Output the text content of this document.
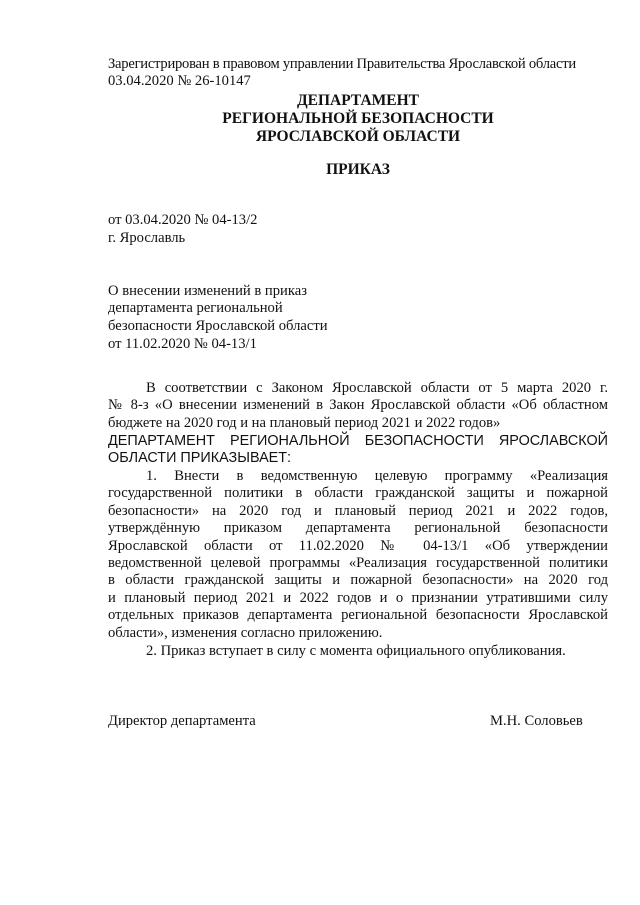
Зарегистрирован в правовом управлении Правительства Ярославской области
03.04.2020 № 26-10147
ДЕПАРТАМЕНТ
РЕГИОНАЛЬНОЙ БЕЗОПАСНОСТИ
ЯРОСЛАВСКОЙ ОБЛАСТИ
ПРИКАЗ
от 03.04.2020 № 04-13/2
г. Ярославль
О внесении изменений в приказ
департамента региональной
безопасности Ярославской области
от 11.02.2020 № 04-13/1
В соответствии с Законом Ярославской области от 5 марта 2020 г.
№ 8-з «О внесении изменений в Закон Ярославской области «Об областном
бюджете на 2020 год и на плановый период 2021 и 2022 годов»
ДЕПАРТАМЕНТ РЕГИОНАЛЬНОЙ БЕЗОПАСНОСТИ ЯРОСЛАВСКОЙ
ОБЛАСТИ ПРИКАЗЫВАЕТ:
1. Внести в ведомственную целевую программу «Реализация
государственной политики в области гражданской защиты и пожарной
безопасности» на 2020 год и плановый период 2021 и 2022 годов,
утверждённую приказом департамента региональной безопасности
Ярославской области от 11.02.2020 № 04-13/1 «Об утверждении
ведомственной целевой программы «Реализация государственной политики
в области гражданской защиты и пожарной безопасности» на 2020 год
и плановый период 2021 и 2022 годов и о признании утратившими силу
отдельных приказов департамента региональной безопасности Ярославской
области», изменения согласно приложению.
2. Приказ вступает в силу с момента официального опубликования.
Директор департамента	М.Н. Соловьев
